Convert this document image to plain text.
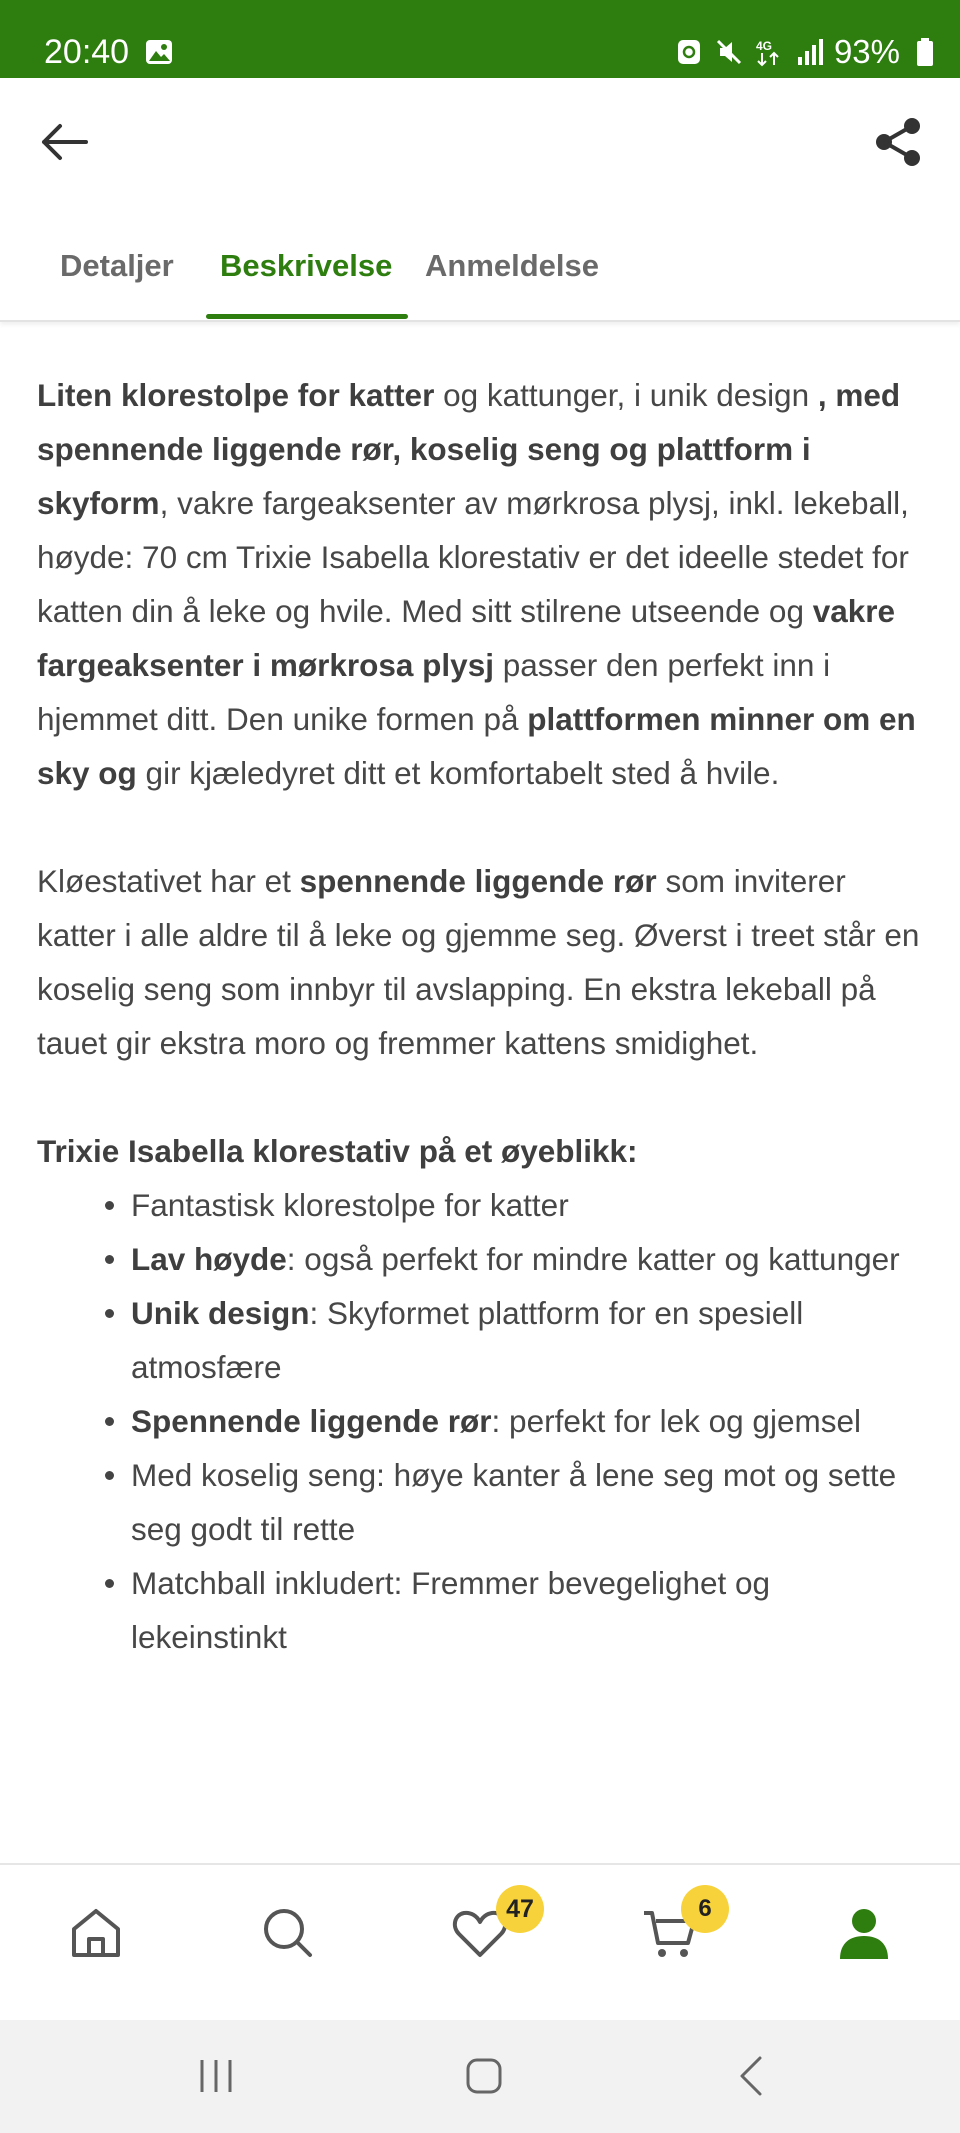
20:40	4G 93%
Detaljer Beskrivelse Anmeldelse

Liten klorestolpe for katter og kattunger, i unik design , med spennende liggende rør, koselig seng og plattform i skyform, vakre fargeaksenter av mørkrosa plysj, inkl. lekeball, høyde: 70 cm Trixie Isabella klorestativ er det ideelle stedet for katten din å leke og hvile. Med sitt stilrene utseende og vakre fargeaksenter i mørkrosa plysj passer den perfekt inn i hjemmet ditt. Den unike formen på plattformen minner om en sky og gir kjæledyret ditt et komfortabelt sted å hvile.

Kløestativet har et spennende liggende rør som inviterer katter i alle aldre til å leke og gjemme seg. Øverst i treet står en koselig seng som innbyr til avslapping. En ekstra lekeball på tauet gir ekstra moro og fremmer kattens smidighet.

Trixie Isabella klorestativ på et øyeblikk:
Fantastisk klorestolpe for katter
Lav høyde: også perfekt for mindre katter og kattunger
Unik design: Skyformet plattform for en spesiell atmosfære
Spennende liggende rør: perfekt for lek og gjemsel
Med koselig seng: høye kanter å lene seg mot og sette seg godt til rette
Matchball inkludert: Fremmer bevegelighet og lekeinstinkt
47	6
